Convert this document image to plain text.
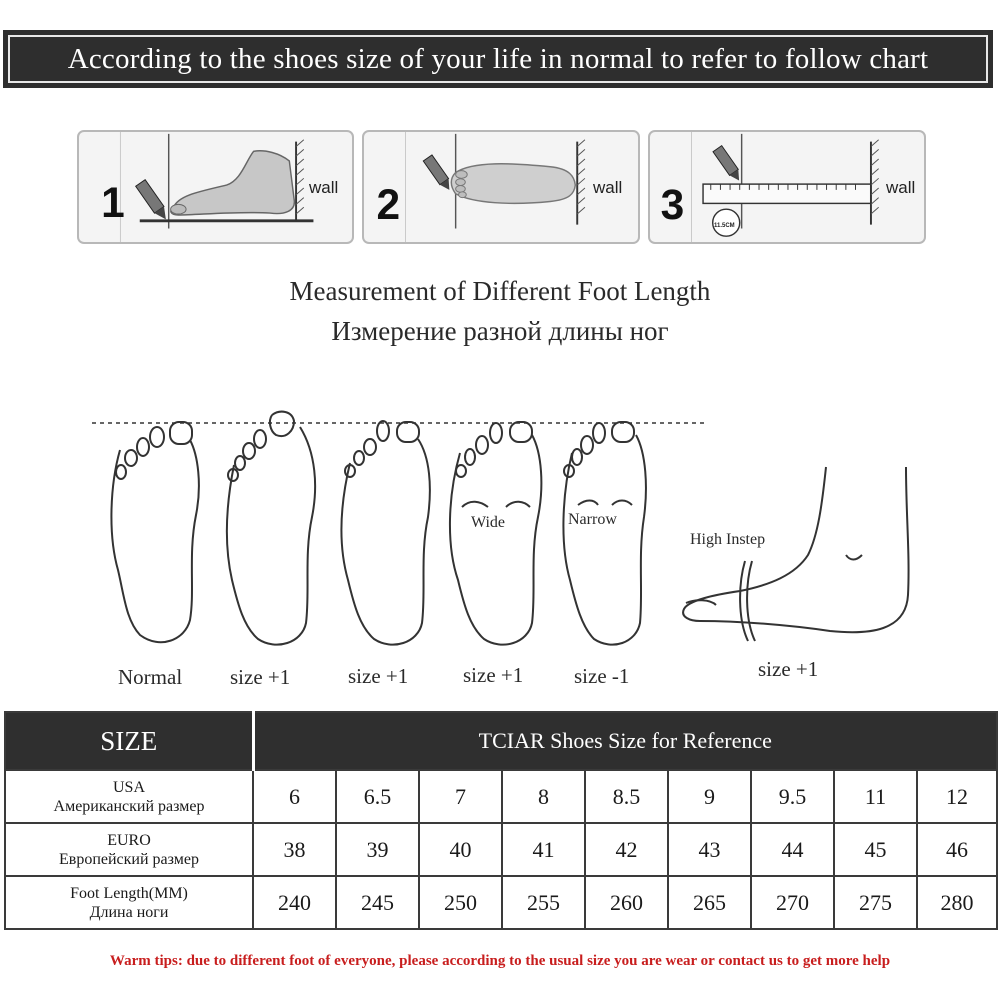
According to the shoes size of your life in normal to refer to follow chart
1	wall 2	wall 3	11.5CM
wall
Measurement of Different Foot Length
Измерение разной длины ног
Wide	Narrow
High Instep
Normal size +1	size +1	size +1 size -1	size +1
SIZE	TCIAR Shoes Size for Reference								

USA
Американский размер	6	6.5	7	8	8.5	9	9.5	11	12

EURO
Европейский размер	38	39	40	41	42	43	44	45	46

Foot Length(MM)
Длина ноги	240	245	250	255	260	265	270	275	280
Warm tips: due to different foot of everyone, please according to the usual size you are wear or contact us to get more help
